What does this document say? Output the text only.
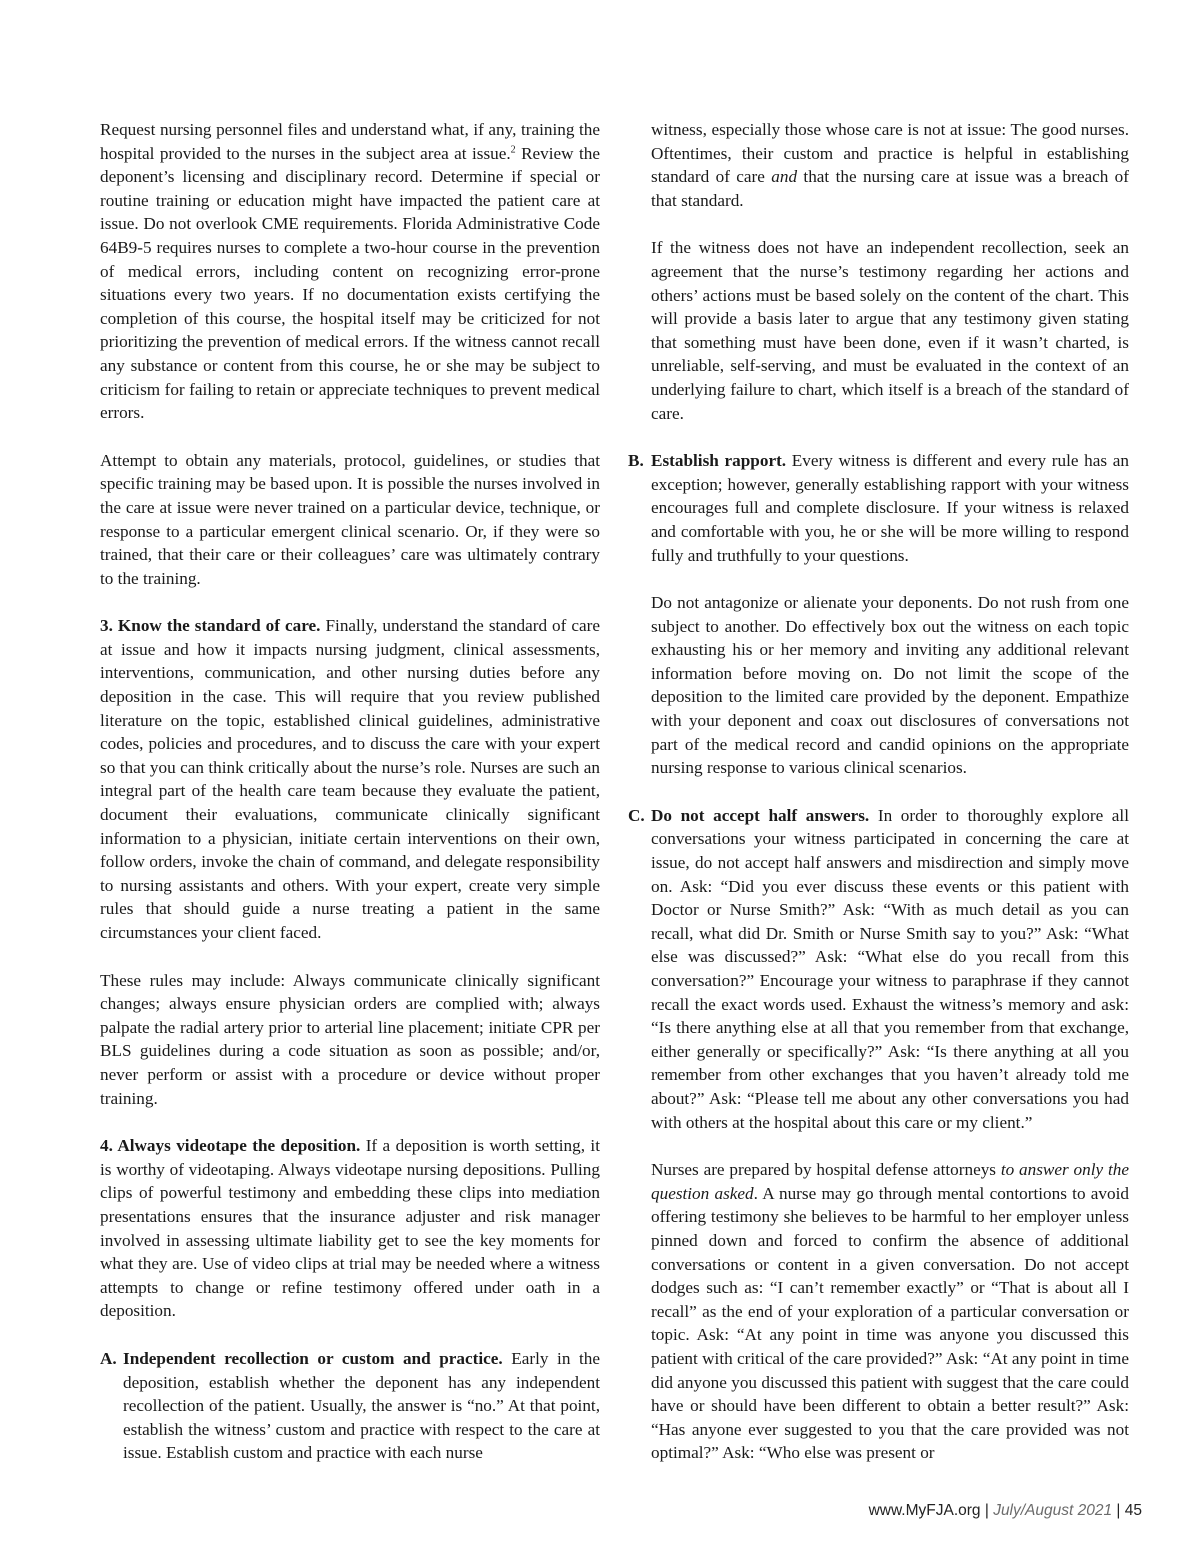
Request nursing personnel files and understand what, if any, training the hospital provided to the nurses in the subject area at issue.$^2$ Review the deponent’s licensing and disciplinary record. Determine if special or routine training or education might have impacted the patient care at issue. Do not overlook CME requirements. Florida Administrative Code 64B9-5 requires nurses to complete a two-hour course in the prevention of medical errors, including content on recognizing error-prone situations every two years. If no documentation exists certifying the completion of this course, the hospital itself may be criticized for not prioritizing the prevention of medical errors. If the witness cannot recall any substance or content from this course, he or she may be subject to criticism for failing to retain or appreciate techniques to prevent medical errors.

Attempt to obtain any materials, protocol, guidelines, or studies that specific training may be based upon. It is possible the nurses involved in the care at issue were never trained on a particular device, technique, or response to a particular emergent clinical scenario. Or, if they were so trained, that their care or their colleagues’ care was ultimately contrary to the training.

3. Know the standard of care. Finally, understand the standard of care at issue and how it impacts nursing judgment, clinical assessments, interventions, communication, and other nursing duties before any deposition in the case. This will require that you review published literature on the topic, established clinical guidelines, administrative codes, policies and procedures, and to discuss the care with your expert so that you can think critically about the nurse’s role. Nurses are such an integral part of the health care team because they evaluate the patient, document their evaluations, communicate clinically significant information to a physician, initiate certain interventions on their own, follow orders, invoke the chain of command, and delegate responsibility to nursing assistants and others. With your expert, create very simple rules that should guide a nurse treating a patient in the same circumstances your client faced.

These rules may include: Always communicate clinically significant changes; always ensure physician orders are complied with; always palpate the radial artery prior to arterial line placement; initiate CPR per BLS guidelines during a code situation as soon as possible; and/or, never perform or assist with a procedure or device without proper training.

4. Always videotape the deposition. If a deposition is worth setting, it is worthy of videotaping. Always videotape nursing depositions. Pulling clips of powerful testimony and embedding these clips into mediation presentations ensures that the insurance adjuster and risk manager involved in assessing ultimate liability get to see the key moments for what they are. Use of video clips at trial may be needed where a witness attempts to change or refine testimony offered under oath in a deposition.

A. Independent recollection or custom and practice. Early in the deposition, establish whether the deponent has any independent recollection of the patient. Usually, the answer is “no.” At that point, establish the witness’ custom and practice with respect to the care at issue. Establish custom and practice with each nurse

witness, especially those whose care is not at issue: The good nurses. Oftentimes, their custom and practice is helpful in establishing standard of care and that the nursing care at issue was a breach of that standard.

If the witness does not have an independent recollection, seek an agreement that the nurse’s testimony regarding her actions and others’ actions must be based solely on the content of the chart. This will provide a basis later to argue that any testimony given stating that something must have been done, even if it wasn’t charted, is unreliable, self-serving, and must be evaluated in the context of an underlying failure to chart, which itself is a breach of the standard of care.

B. Establish rapport. Every witness is different and every rule has an exception; however, generally establishing rapport with your witness encourages full and complete disclosure. If your witness is relaxed and comfortable with you, he or she will be more willing to respond fully and truthfully to your questions.

Do not antagonize or alienate your deponents. Do not rush from one subject to another. Do effectively box out the witness on each topic exhausting his or her memory and inviting any additional relevant information before moving on. Do not limit the scope of the deposition to the limited care provided by the deponent. Empathize with your deponent and coax out disclosures of conversations not part of the medical record and candid opinions on the appropriate nursing response to various clinical scenarios.

C. Do not accept half answers. In order to thoroughly explore all conversations your witness participated in concerning the care at issue, do not accept half answers and misdirection and simply move on. Ask: “Did you ever discuss these events or this patient with Doctor or Nurse Smith?” Ask: “With as much detail as you can recall, what did Dr. Smith or Nurse Smith say to you?” Ask: “What else was discussed?” Ask: “What else do you recall from this conversation?” Encourage your witness to paraphrase if they cannot recall the exact words used. Exhaust the witness’s memory and ask: “Is there anything else at all that you remember from that exchange, either generally or specifically?” Ask: “Is there anything at all you remember from other exchanges that you haven’t already told me about?” Ask: “Please tell me about any other conversations you had with others at the hospital about this care or my client.”

Nurses are prepared by hospital defense attorneys to answer only the question asked. A nurse may go through mental contortions to avoid offering testimony she believes to be harmful to her employer unless pinned down and forced to confirm the absence of additional conversations or content in a given conversation. Do not accept dodges such as: “I can’t remember exactly” or “That is about all I recall” as the end of your exploration of a particular conversation or topic. Ask: “At any point in time was anyone you discussed this patient with critical of the care provided?” Ask: “At any point in time did anyone you discussed this patient with suggest that the care could have or should have been different to obtain a better result?” Ask: “Has anyone ever suggested to you that the care provided was not optimal?” Ask: “Who else was present or

www.MyFJA.org | July/August 2021 | 45
